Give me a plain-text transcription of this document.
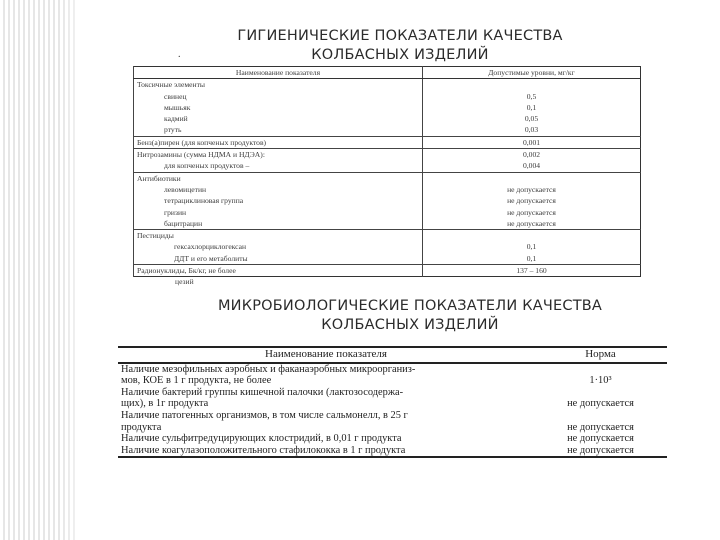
ГИГИЕНИЧЕСКИЕ ПОКАЗАТЕЛИ КАЧЕСТВА
КОЛБАСНЫХ ИЗДЕЛИЙ
.
Наименование показателя	Допустимые уровни, мг/кг
Токсичные элементы	
свинец	0,5
мышьяк	0,1
кадмий	0,05
ртуть	0,03
Бенз(а)пирен (для копченых продуктов)	0,001
Нитрозамины (сумма НДМА и НДЭА):	0,002
для копченых продуктов –	0,004
Антибиотики	
левомицетин	не допускается
тетрациклиновая группа	не допускается
гризин	не допускается
бацитрацин	не допускается
Пестициды	
гексахлорциклогексан	0,1
ДДТ и его метаболиты	0,1
Радионуклиды, Бк/кг, не более	137 – 160
цезий
МИКРОБИОЛОГИЧЕСКИЕ ПОКАЗАТЕЛИ КАЧЕСТВА
КОЛБАСНЫХ ИЗДЕЛИЙ
Наименование показателя	Норма
Наличие мезофильных аэробных и факанаэробных микроорганиз-	
мов, КОЕ в 1 г продукта, не более	1·10³
Наличие бактерий группы кишечной палочки (лактозосодержа-	
щих), в 1г продукта	не допускается
Наличие патогенных организмов, в том числе сальмонелл, в 25 г	
продукта	не допускается
Наличие сульфитредуцирующих клостридий, в 0,01 г продукта	не допускается
Наличие коагулазоположительного стафилококка в 1 г продукта	не допускается
